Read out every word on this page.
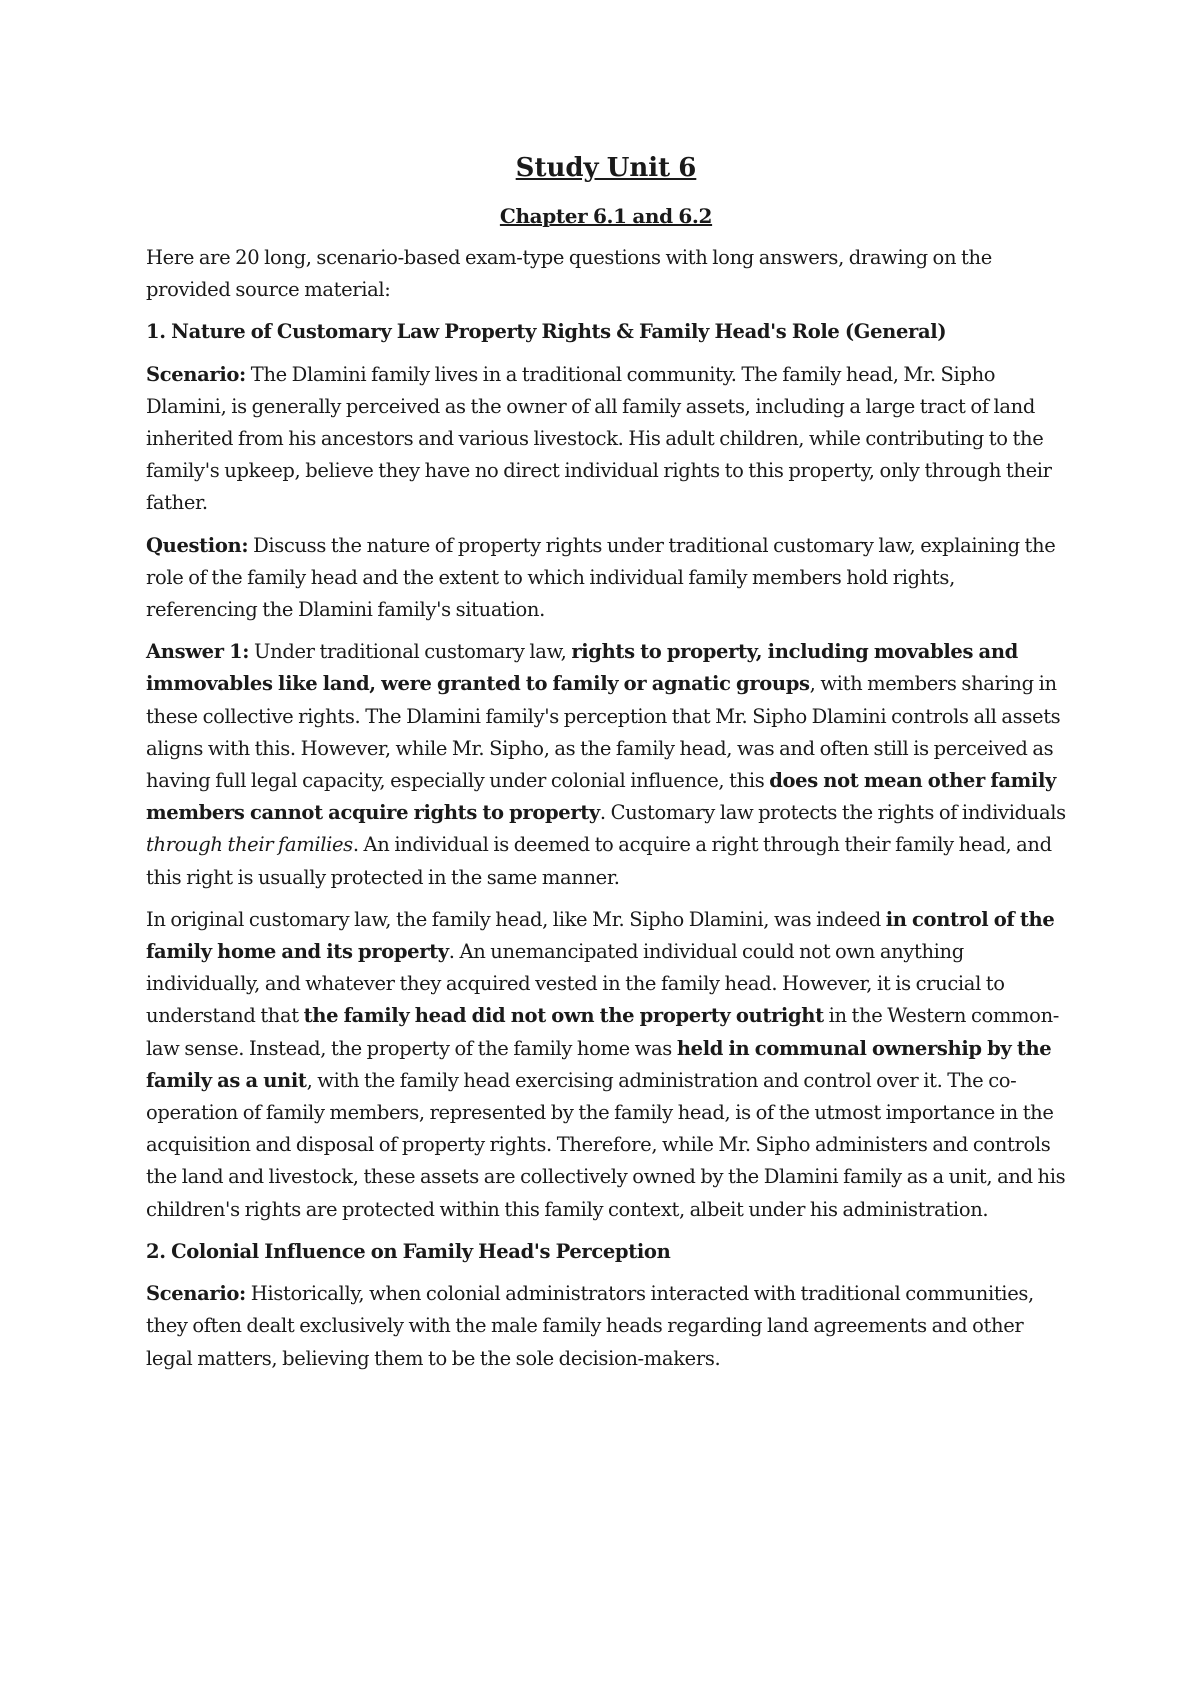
Study Unit 6
Chapter 6.1 and 6.2

Here are 20 long, scenario-based exam-type questions with long answers, drawing on the provided source material:

1. Nature of Customary Law Property Rights & Family Head's Role (General)

Scenario: The Dlamini family lives in a traditional community. The family head, Mr. Sipho Dlamini, is generally perceived as the owner of all family assets, including a large tract of land inherited from his ancestors and various livestock. His adult children, while contributing to the family's upkeep, believe they have no direct individual rights to this property, only through their father.

Question: Discuss the nature of property rights under traditional customary law, explaining the role of the family head and the extent to which individual family members hold rights, referencing the Dlamini family's situation.

Answer 1: Under traditional customary law, rights to property, including movables and immovables like land, were granted to family or agnatic groups, with members sharing in these collective rights. The Dlamini family's perception that Mr. Sipho Dlamini controls all assets aligns with this. However, while Mr. Sipho, as the family head, was and often still is perceived as having full legal capacity, especially under colonial influence, this does not mean other family members cannot acquire rights to property. Customary law protects the rights of individuals through their families. An individual is deemed to acquire a right through their family head, and this right is usually protected in the same manner.

In original customary law, the family head, like Mr. Sipho Dlamini, was indeed in control of the family home and its property. An unemancipated individual could not own anything individually, and whatever they acquired vested in the family head. However, it is crucial to understand that the family head did not own the property outright in the Western common-law sense. Instead, the property of the family home was held in communal ownership by the family as a unit, with the family head exercising administration and control over it. The co-operation of family members, represented by the family head, is of the utmost importance in the acquisition and disposal of property rights. Therefore, while Mr. Sipho administers and controls the land and livestock, these assets are collectively owned by the Dlamini family as a unit, and his children's rights are protected within this family context, albeit under his administration.

2. Colonial Influence on Family Head's Perception

Scenario: Historically, when colonial administrators interacted with traditional communities, they often dealt exclusively with the male family heads regarding land agreements and other legal matters, believing them to be the sole decision-makers.
